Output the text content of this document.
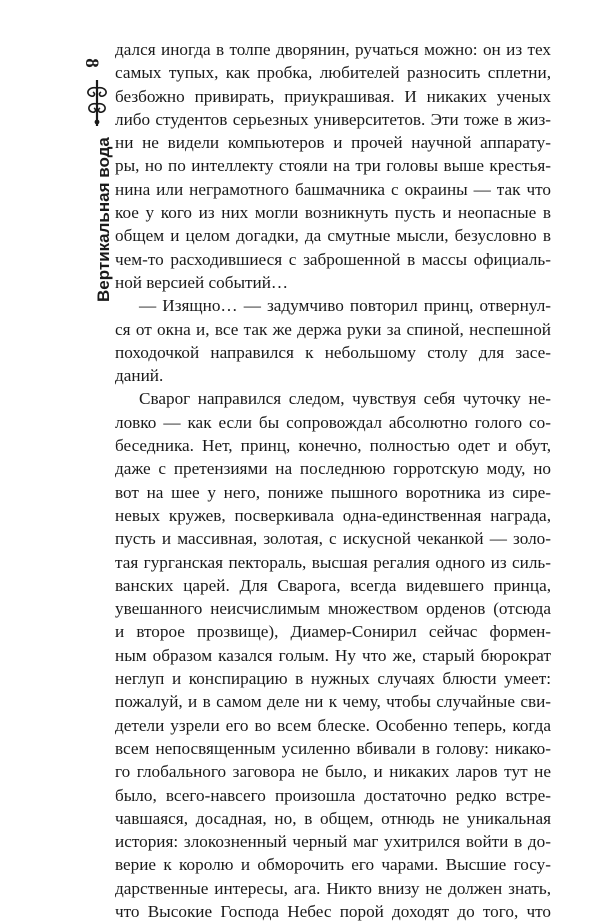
8
Вертикальная вода
дался иногда в толпе дворянин, ручаться можно: он из тех
самых тупых, как пробка, любителей разносить сплетни,
безбожно привирать, приукрашивая. И никаких ученых
либо студентов серьезных университетов. Эти тоже в жиз-
ни не видели компьютеров и прочей научной аппарату-
ры, но по интеллекту стояли на три головы выше крестья-
нина или неграмотного башмачника с окраины — так что
кое у кого из них могли возникнуть пусть и неопасные в
общем и целом догадки, да смутные мысли, безусловно в
чем-то расходившиеся с заброшенной в массы официаль-
ной версией событий…
— Изящно… — задумчиво повторил принц, отвернул-
ся от окна и, все так же держа руки за спиной, неспешной
походочкой направился к небольшому столу для засе-
даний.
Сварог направился следом, чувствуя себя чуточку не-
ловко — как если бы сопровождал абсолютно голого со-
беседника. Нет, принц, конечно, полностью одет и обут,
даже с претензиями на последнюю горротскую моду, но
вот на шее у него, пониже пышного воротника из сире-
невых кружев, посверкивала одна-единственная награда,
пусть и массивная, золотая, с искусной чеканкой — золо-
тая гурганская пектораль, высшая регалия одного из силь-
ванских царей. Для Сварога, всегда видевшего принца,
увешанного неисчислимым множеством орденов (отсюда
и второе прозвище), Диамер-Сонирил сейчас формен-
ным образом казался голым. Ну что же, старый бюрократ
неглуп и конспирацию в нужных случаях блюсти умеет:
пожалуй, и в самом деле ни к чему, чтобы случайные сви-
детели узрели его во всем блеске. Особенно теперь, когда
всем непосвященным усиленно вбивали в голову: никако-
го глобального заговора не было, и никаких ларов тут не
было, всего-навсего произошла достаточно редко встре-
чавшаяся, досадная, но, в общем, отнюдь не уникальная
история: злокозненный черный маг ухитрился войти в до-
верие к королю и обморочить его чарами. Высшие госу-
дарственные интересы, ага. Никто внизу не должен знать,
что Высокие Господа Небес порой доходят до того, что
